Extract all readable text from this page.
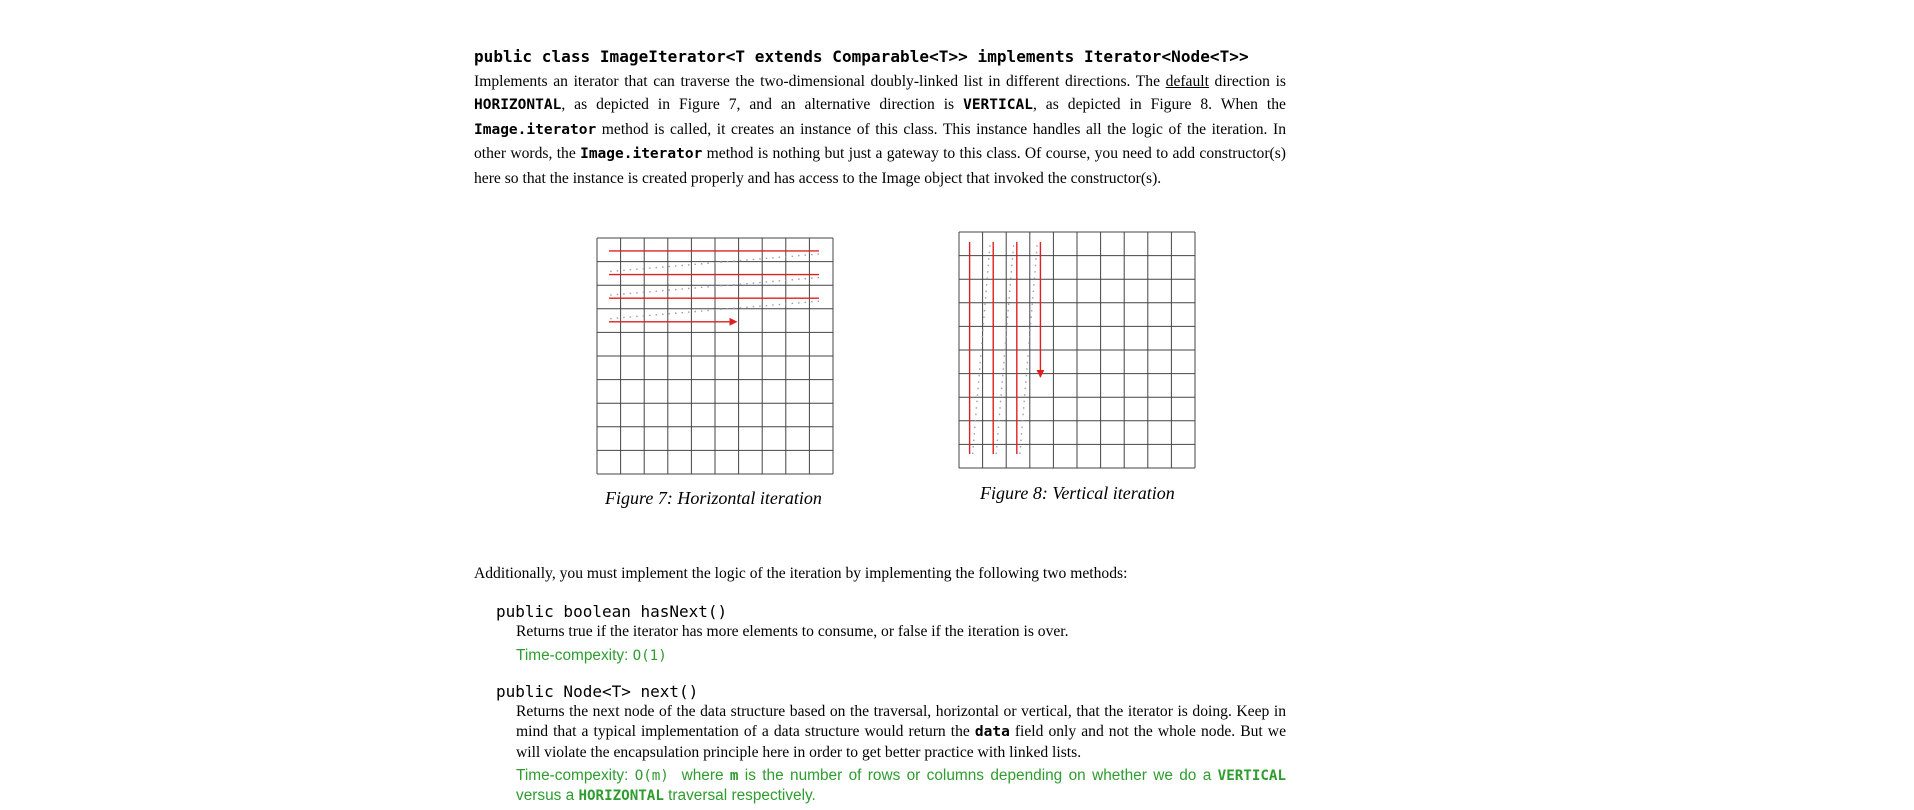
public class ImageIterator<T extends Comparable<T>> implements Iterator<Node<T>>

Implements an iterator that can traverse the two-dimensional doubly-linked list in different directions. The default direction is HORIZONTAL, as depicted in Figure 7, and an alternative direction is VERTICAL, as depicted in Figure 8. When the Image.iterator method is called, it creates an instance of this class. This instance handles all the logic of the iteration. In other words, the Image.iterator method is nothing but just a gateway to this class. Of course, you need to add constructor(s) here so that the instance is created properly and has access to the Image object that invoked the constructor(s).

Figure 7: Horizontal iteration	Figure 8: Vertical iteration

Additionally, you must implement the logic of the iteration by implementing the following two methods:

public boolean hasNext()

Returns true if the iterator has more elements to consume, or false if the iteration is over.

Time-compexity: O(1)

public Node<T> next()

Returns the next node of the data structure based on the traversal, horizontal or vertical, that the iterator is doing. Keep in mind that a typical implementation of a data structure would return the data field only and not the whole node. But we will violate the encapsulation principle here in order to get better practice with linked lists.

Time-compexity: O(m)  where m is the number of rows or columns depending on whether we do a VERTICAL versus a HORIZONTAL traversal respectively.
